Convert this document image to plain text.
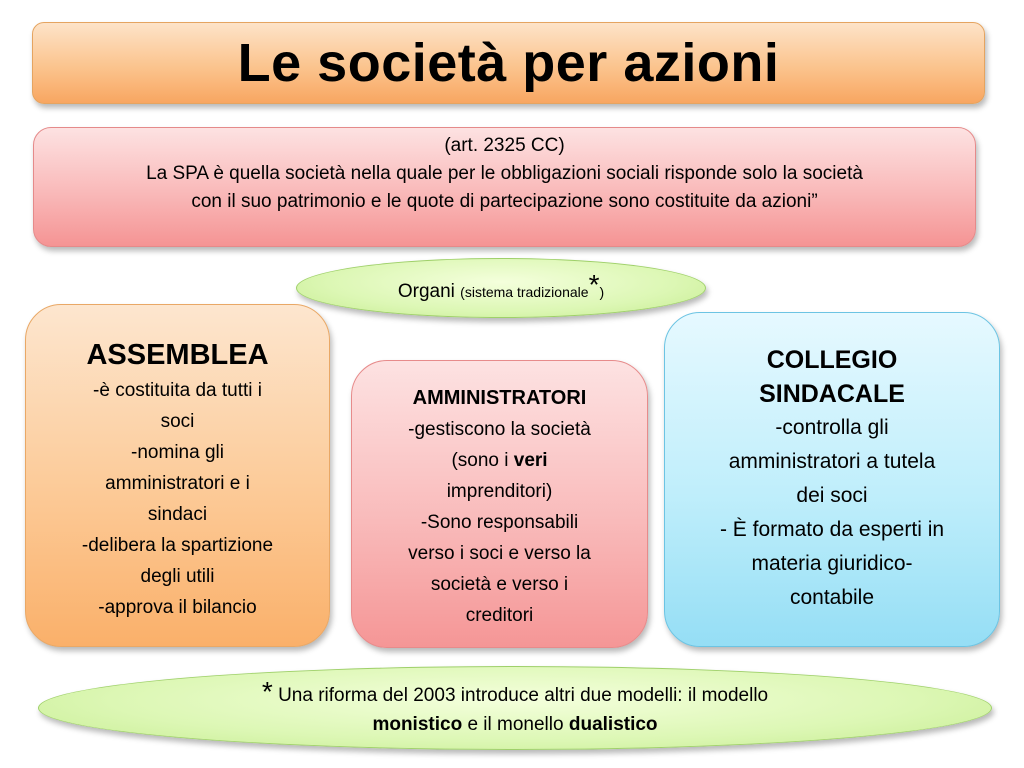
Le società per azioni
(art. 2325 CC)
La SPA è quella società nella quale per le obbligazioni sociali risponde solo la società
con il suo patrimonio e le quote di partecipazione sono costituite da azioni”
Organi (sistema tradizionale*)
ASSEMBLEA
-è costituita da tutti i
soci
-nomina gli
amministratori e i
sindaci
-delibera la spartizione
degli utili
-approva il bilancio
AMMINISTRATORI
-gestiscono la società
(sono i veri
imprenditori)
-Sono responsabili
verso i soci e verso la
società e verso i
creditori
COLLEGIO
SINDACALE
-controlla gli
amministratori a tutela
dei soci
- È formato da esperti in
materia giuridico-
contabile
* Una riforma del 2003 introduce altri due modelli: il modello
monistico e il monello dualistico
